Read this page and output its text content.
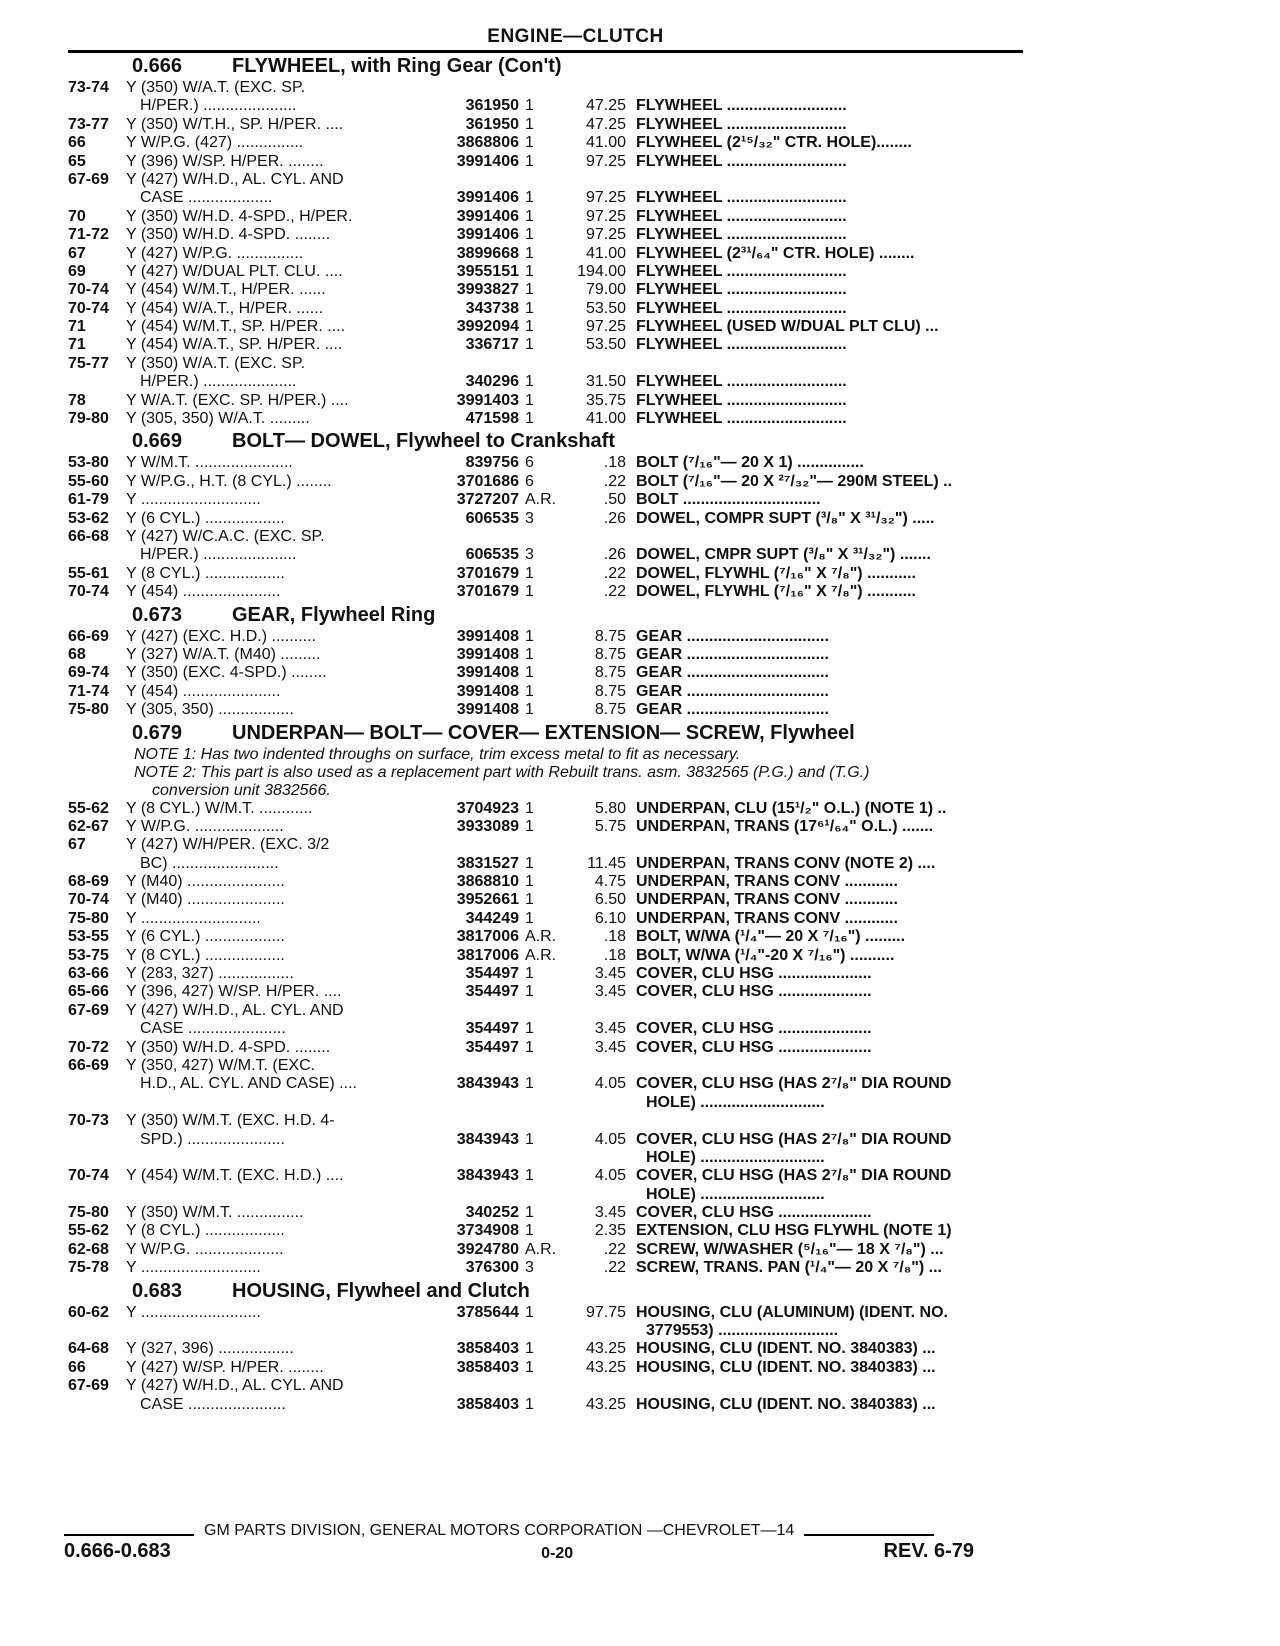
ENGINE—CLUTCH
0.666 FLYWHEEL, with Ring Gear (Con't)
73-74	Y (350) W/A.T. (EXC. SP.
H/PER.) .....................	361950 1	47.25 FLYWHEEL ...........................
73-77	Y (350) W/T.H., SP. H/PER. ....	361950 1	47.25 FLYWHEEL ...........................
66	Y W/P.G. (427) ...............	3868806 1	41.00 FLYWHEEL (2¹⁵/₃₂" CTR. HOLE)........
65	Y (396) W/SP. H/PER. ........	3991406 1	97.25 FLYWHEEL ...........................
67-69	Y (427) W/H.D., AL. CYL. AND
CASE ...................	3991406 1	97.25 FLYWHEEL ...........................
70	Y (350) W/H.D. 4-SPD., H/PER.	3991406 1	97.25 FLYWHEEL ...........................
71-72	Y (350) W/H.D. 4-SPD. ........	3991406 1	97.25 FLYWHEEL ...........................
67	Y (427) W/P.G. ...............	3899668 1	41.00 FLYWHEEL (2³¹/₆₄" CTR. HOLE) ........
69	Y (427) W/DUAL PLT. CLU. ....	3955151 1	194.00 FLYWHEEL ...........................
70-74	Y (454) W/M.T., H/PER. ......	3993827 1	79.00 FLYWHEEL ...........................
70-74	Y (454) W/A.T., H/PER. ......	343738 1	53.50 FLYWHEEL ...........................
71	Y (454) W/M.T., SP. H/PER. ....	3992094 1	97.25 FLYWHEEL (USED W/DUAL PLT CLU) ...
71	Y (454) W/A.T., SP. H/PER. ....	336717 1	53.50 FLYWHEEL ...........................
75-77	Y (350) W/A.T. (EXC. SP.
H/PER.) .....................	340296 1	31.50 FLYWHEEL ...........................
78	Y W/A.T. (EXC. SP. H/PER.) ....	3991403 1	35.75 FLYWHEEL ...........................
79-80	Y (305, 350) W/A.T. .........	471598 1	41.00 FLYWHEEL ...........................
0.669 BOLT— DOWEL, Flywheel to Crankshaft
53-80	Y W/M.T. ......................	839756 6	.18 BOLT (⁷/₁₆"— 20 X 1) ...............
55-60	Y W/P.G., H.T. (8 CYL.) ........	3701686 6	.22 BOLT (⁷/₁₆"— 20 X ²⁷/₃₂"— 290M STEEL) ..
61-79	Y ...........................	3727207 A.R.	.50 BOLT ...............................
53-62	Y (6 CYL.) ..................	606535 3	.26 DOWEL, COMPR SUPT (³/₈" X ³¹/₃₂") .....
66-68	Y (427) W/C.A.C. (EXC. SP.
H/PER.) .....................	606535 3	.26 DOWEL, CMPR SUPT (³/₈" X ³¹/₃₂") .......
55-61	Y (8 CYL.) ..................	3701679 1	.22 DOWEL, FLYWHL (⁷/₁₆" X ⁷/₈") ...........
70-74	Y (454) ......................	3701679 1	.22 DOWEL, FLYWHL (⁷/₁₆" X ⁷/₈") ...........
0.673 GEAR, Flywheel Ring
66-69	Y (427) (EXC. H.D.) ..........	3991408 1	8.75 GEAR ................................
68	Y (327) W/A.T. (M40) .........	3991408 1	8.75 GEAR ................................
69-74	Y (350) (EXC. 4-SPD.) ........	3991408 1	8.75 GEAR ................................
71-74	Y (454) ......................	3991408 1	8.75 GEAR ................................
75-80	Y (305, 350) .................	3991408 1	8.75 GEAR ................................
0.679 UNDERPAN— BOLT— COVER— EXTENSION— SCREW, Flywheel
NOTE 1: Has two indented throughs on surface, trim excess metal to fit as necessary.
NOTE 2: This part is also used as a replacement part with Rebuilt trans. asm. 3832565 (P.G.) and (T.G.)
conversion unit 3832566.
55-62	Y (8 CYL.) W/M.T. ............	3704923 1	5.80 UNDERPAN, CLU (15¹/₂" O.L.) (NOTE 1) ..
62-67	Y W/P.G. ....................	3933089 1	5.75 UNDERPAN, TRANS (17⁶¹/₆₄" O.L.) .......
67	Y (427) W/H/PER. (EXC. 3/2
BC) ........................	3831527 1	11.45 UNDERPAN, TRANS CONV (NOTE 2) ....
68-69	Y (M40) ......................	3868810 1	4.75 UNDERPAN, TRANS CONV ............
70-74	Y (M40) ......................	3952661 1	6.50 UNDERPAN, TRANS CONV ............
75-80	Y ...........................	344249 1	6.10 UNDERPAN, TRANS CONV ............
53-55	Y (6 CYL.) ..................	3817006 A.R.	.18 BOLT, W/WA (¹/₄"— 20 X ⁷/₁₆") .........
53-75	Y (8 CYL.) ..................	3817006 A.R.	.18 BOLT, W/WA (¹/₄"-20 X ⁷/₁₆") ..........
63-66	Y (283, 327) .................	354497 1	3.45 COVER, CLU HSG .....................
65-66	Y (396, 427) W/SP. H/PER. ....	354497 1	3.45 COVER, CLU HSG .....................
67-69	Y (427) W/H.D., AL. CYL. AND
CASE ......................	354497 1	3.45 COVER, CLU HSG .....................
70-72	Y (350) W/H.D. 4-SPD. ........	354497 1	3.45 COVER, CLU HSG .....................
66-69	Y (350, 427) W/M.T. (EXC.
H.D., AL. CYL. AND CASE) ....	3843943 1	4.05 COVER, CLU HSG (HAS 2⁷/₈" DIA ROUND
HOLE) ............................
70-73	Y (350) W/M.T. (EXC. H.D. 4-
SPD.) ......................	3843943 1	4.05 COVER, CLU HSG (HAS 2⁷/₈" DIA ROUND
HOLE) ............................
70-74	Y (454) W/M.T. (EXC. H.D.) ....	3843943 1	4.05 COVER, CLU HSG (HAS 2⁷/₈" DIA ROUND
HOLE) ............................
75-80	Y (350) W/M.T. ...............	340252 1	3.45 COVER, CLU HSG .....................
55-62	Y (8 CYL.) ..................	3734908 1	2.35 EXTENSION, CLU HSG FLYWHL (NOTE 1)
62-68	Y W/P.G. ....................	3924780 A.R.	.22 SCREW, W/WASHER (⁵/₁₆"— 18 X ⁷/₈") ...
75-78	Y ...........................	376300 3	.22 SCREW, TRANS. PAN (¹/₄"— 20 X ⁷/₈") ...
0.683 HOUSING, Flywheel and Clutch
60-62	Y ...........................	3785644 1	97.75 HOUSING, CLU (ALUMINUM) (IDENT. NO.
3779553) ...........................
64-68	Y (327, 396) .................	3858403 1	43.25 HOUSING, CLU (IDENT. NO. 3840383) ...
66	Y (427) W/SP. H/PER. ........	3858403 1	43.25 HOUSING, CLU (IDENT. NO. 3840383) ...
67-69	Y (427) W/H.D., AL. CYL. AND
CASE ......................	3858403 1	43.25 HOUSING, CLU (IDENT. NO. 3840383) ...
GM PARTS DIVISION, GENERAL MOTORS CORPORATION —CHEVROLET—14
0.666-0.683	0-20	REV. 6-79
